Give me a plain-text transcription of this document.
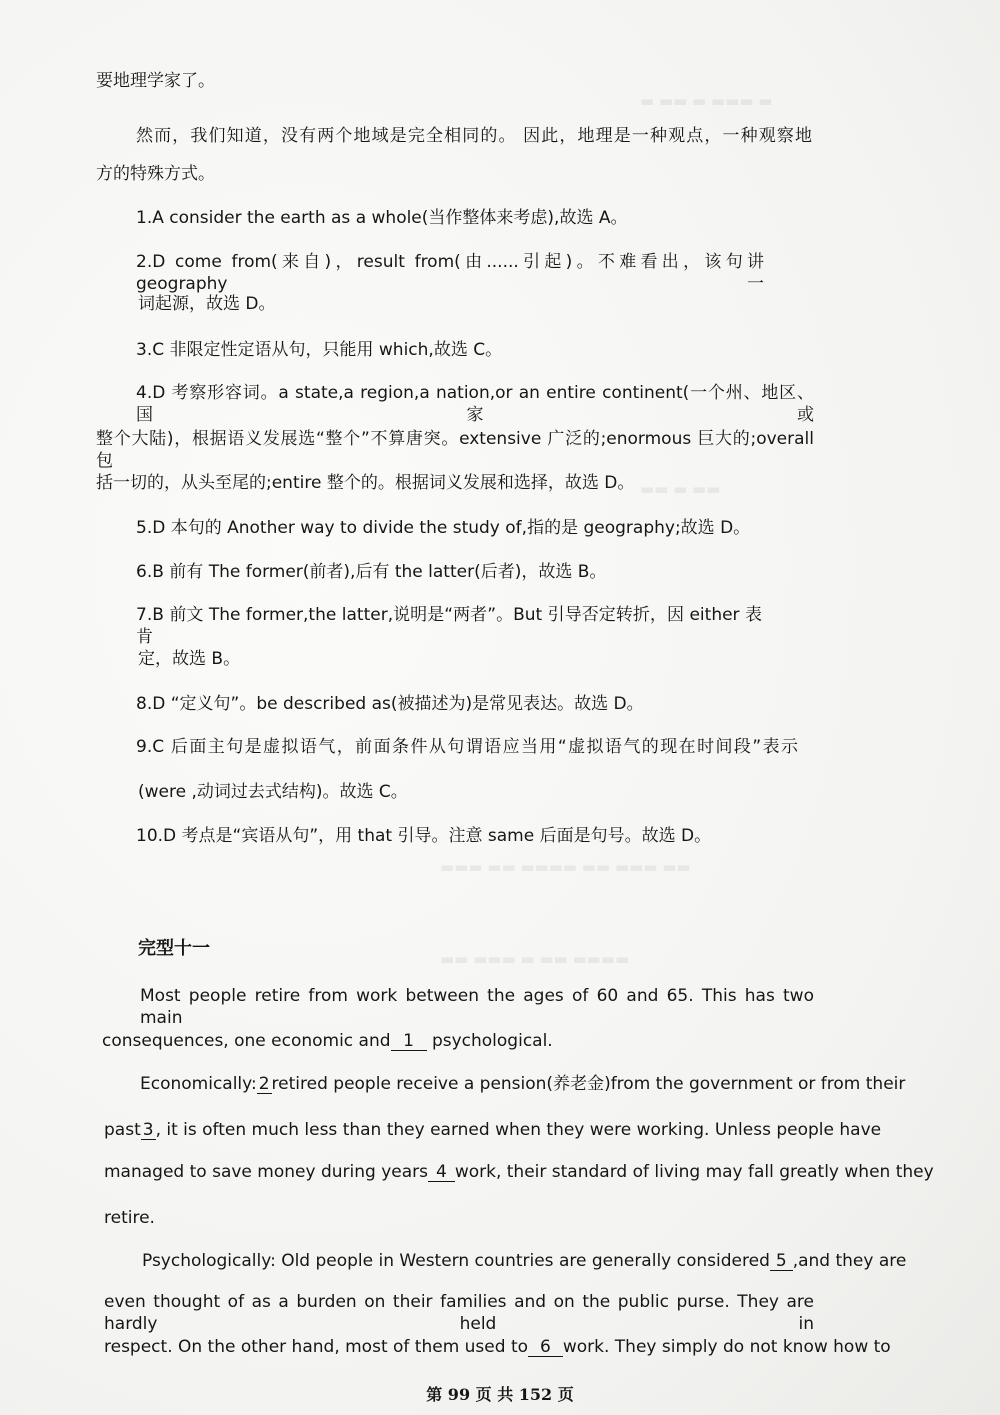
▬ ▬▬ ▬ ▬▬▬ ▬
▬▬ ▬ ▬▬
▬▬▬ ▬▬ ▬▬▬▬ ▬▬ ▬▬▬ ▬▬
▬▬ ▬▬▬ ▬ ▬▬ ▬▬▬▬
要地理学家了。
然而，我们知道，没有两个地域是完全相同的。 因此，地理是一种观点，一种观察地
方的特殊方式。
1.A consider the earth as a whole(当作整体来考虑),故选 A。
2.D come from(来自)，result from(由......引起)。不难看出，该句讲 geography 一
词起源，故选 D。
3.C 非限定性定语从句，只能用 which,故选 C。
4.D 考察形容词。a state,a region,a nation,or an entire continent(一个州、地区、国家或
整个大陆)，根据语义发展选“整个”不算唐突。extensive 广泛的;enormous 巨大的;overall 包
括一切的，从头至尾的;entire 整个的。根据词义发展和选择，故选 D。
5.D 本句的 Another way to divide the study of,指的是 geography;故选 D。
6.B 前有 The former(前者),后有 the latter(后者)，故选 B。
7.B 前文 The former,the latter,说明是“两者”。But 引导否定转折，因 either 表肯
定，故选 B。
8.D “定义句”。be described as(被描述为)是常见表达。故选 D。
9.C 后面主句是虚拟语气，前面条件从句谓语应当用“虚拟语气的现在时间段”表示
(were ,动词过去式结构)。故选 C。
10.D 考点是“宾语从句”，用 that 引导。注意 same 后面是句号。故选 D。
完型十一
Most people retire from work between the ages of 60 and 65. This has two main
consequences, one economic and 1 psychological.
Economically: 2 retired people receive a pension(养老金)from the government or from their
past 3 , it is often much less than they earned when they were working. Unless people have
managed to save money during years 4 work, their standard of living may fall greatly when they
retire.
Psychologically: Old people in Western countries are generally considered 5 ,and they are
even thought of as a burden on their families and on the public purse. They are hardly held in
respect. On the other hand, most of them used to 6 work. They simply do not know how to
第 99 页 共 152 页
